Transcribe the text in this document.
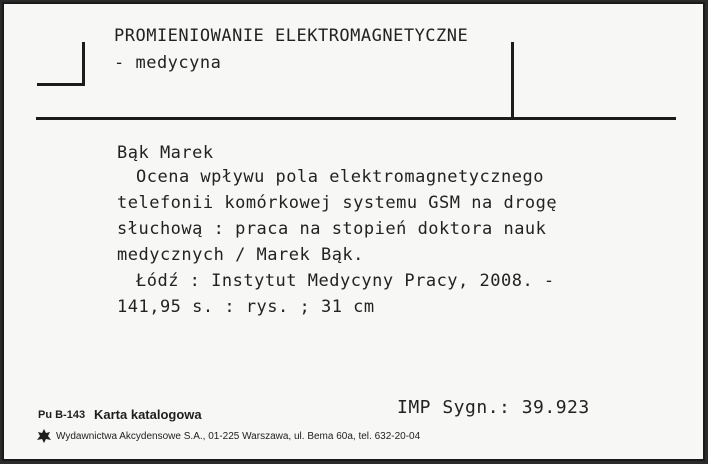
PROMIENIOWANIE ELEKTROMAGNETYCZNE
- medycyna
Bąk Marek
Ocena wpływu pola elektromagnetycznego
telefonii komórkowej systemu GSM na drogę
słuchową : praca na stopień doktora nauk
medycznych / Marek Bąk.
Łódź : Instytut Medycyny Pracy, 2008. -
141,95 s. : rys. ; 31 cm
IMP Sygn.: 39.923
Pu B-143 Karta katalogowa
Wydawnictwa Akcydensowe S.A., 01-225 Warszawa, ul. Bema 60a, tel. 632-20-04
